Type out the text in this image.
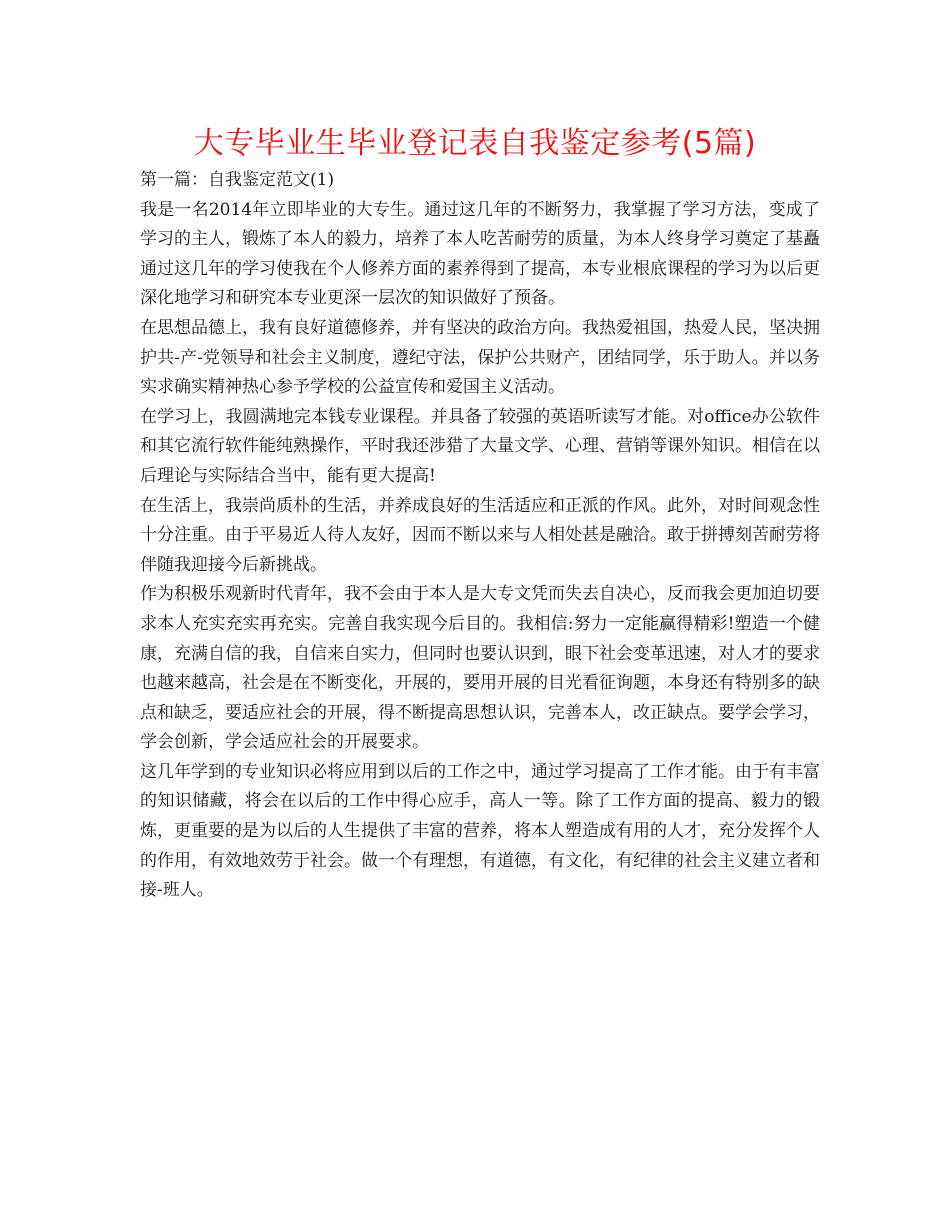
大专毕业生毕业登记表自我鉴定参考(5篇)

第一篇：自我鉴定范文(1)

我是一名2014年立即毕业的大专生。通过这几年的不断努力，我掌握了学习方法，变成了学习的主人，锻炼了本人的毅力，培养了本人吃苦耐劳的质量，为本人终身学习奠定了基矗通过这几年的学习使我在个人修养方面的素养得到了提高，本专业根底课程的学习为以后更深化地学习和研究本专业更深一层次的知识做好了预备。

在思想品德上，我有良好道德修养，并有坚决的政治方向。我热爱祖国，热爱人民，坚决拥护共-产-党领导和社会主义制度，遵纪守法，保护公共财产，团结同学，乐于助人。并以务实求确实精神热心参予学校的公益宣传和爱国主义活动。

在学习上，我圆满地完本钱专业课程。并具备了较强的英语听读写才能。对office办公软件和其它流行软件能纯熟操作，平时我还涉猎了大量文学、心理、营销等课外知识。相信在以后理论与实际结合当中，能有更大提高!

在生活上，我崇尚质朴的生活，并养成良好的生活适应和正派的作风。此外，对时间观念性十分注重。由于平易近人待人友好，因而不断以来与人相处甚是融洽。敢于拼搏刻苦耐劳将伴随我迎接今后新挑战。

作为积极乐观新时代青年，我不会由于本人是大专文凭而失去自决心，反而我会更加迫切要求本人充实充实再充实。完善自我实现今后目的。我相信:努力一定能赢得精彩!塑造一个健康，充满自信的我，自信来自实力，但同时也要认识到，眼下社会变革迅速，对人才的要求也越来越高，社会是在不断变化，开展的，要用开展的目光看征询题，本身还有特别多的缺点和缺乏，要适应社会的开展，得不断提高思想认识，完善本人，改正缺点。要学会学习，学会创新，学会适应社会的开展要求。

这几年学到的专业知识必将应用到以后的工作之中，通过学习提高了工作才能。由于有丰富的知识储藏，将会在以后的工作中得心应手，高人一等。除了工作方面的提高、毅力的锻炼，更重要的是为以后的人生提供了丰富的营养，将本人塑造成有用的人才，充分发挥个人的作用，有效地效劳于社会。做一个有理想，有道德，有文化，有纪律的社会主义建立者和接-班人。
